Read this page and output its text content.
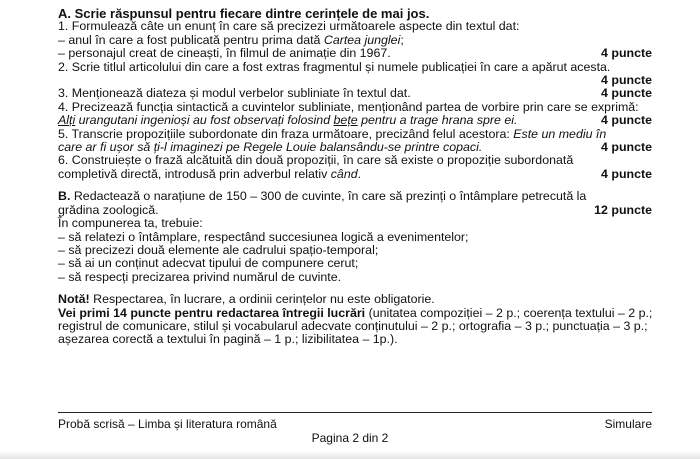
A. Scrie răspunsul pentru fiecare dintre cerințele de mai jos.
1. Formulează câte un enunț în care să precizezi următoarele aspecte din textul dat:
– anul în care a fost publicată pentru prima dată Cartea junglei;
– personajul creat de cineaști, în filmul de animație din 1967.	4 puncte
2. Scrie titlul articolului din care a fost extras fragmentul și numele publicației în care a apărut acesta.
4 puncte
3. Menționează diateza și modul verbelor subliniate în textul dat.	4 puncte
4. Precizează funcția sintactică a cuvintelor subliniate, menționând partea de vorbire prin care se exprimă:
Alți urangutani ingenioși au fost observați folosind bețe pentru a trage hrana spre ei.	4 puncte
5. Transcrie propozițiile subordonate din fraza următoare, precizând felul acestora: Este un mediu în
care ar fi ușor să ți-l imaginezi pe Regele Louie balansându-se printre copaci.	4 puncte
6. Construiește o frază alcătuită din două propoziții, în care să existe o propoziție subordonată
completivă directă, introdusă prin adverbul relativ când.	4 puncte
B. Redactează o narațiune de 150 – 300 de cuvinte, în care să prezinți o întâmplare petrecută la
grădina zoologică.	12 puncte
În compunerea ta, trebuie:
– să relatezi o întâmplare, respectând succesiunea logică a evenimentelor;
– să precizezi două elemente ale cadrului spațio-temporal;
– să ai un conținut adecvat tipului de compunere cerut;
– să respecți precizarea privind numărul de cuvinte.
Notă! Respectarea, în lucrare, a ordinii cerințelor nu este obligatorie.
Vei primi 14 puncte pentru redactarea întregii lucrări (unitatea compoziției – 2 p.; coerența textului – 2 p.;
registrul de comunicare, stilul și vocabularul adecvate conținutului – 2 p.; ortografia – 3 p.; punctuația – 3 p.;
așezarea corectă a textului în pagină – 1 p.; lizibilitatea – 1p.).
Probă scrisă – Limba și literatura română	Simulare
Pagina 2 din 2
